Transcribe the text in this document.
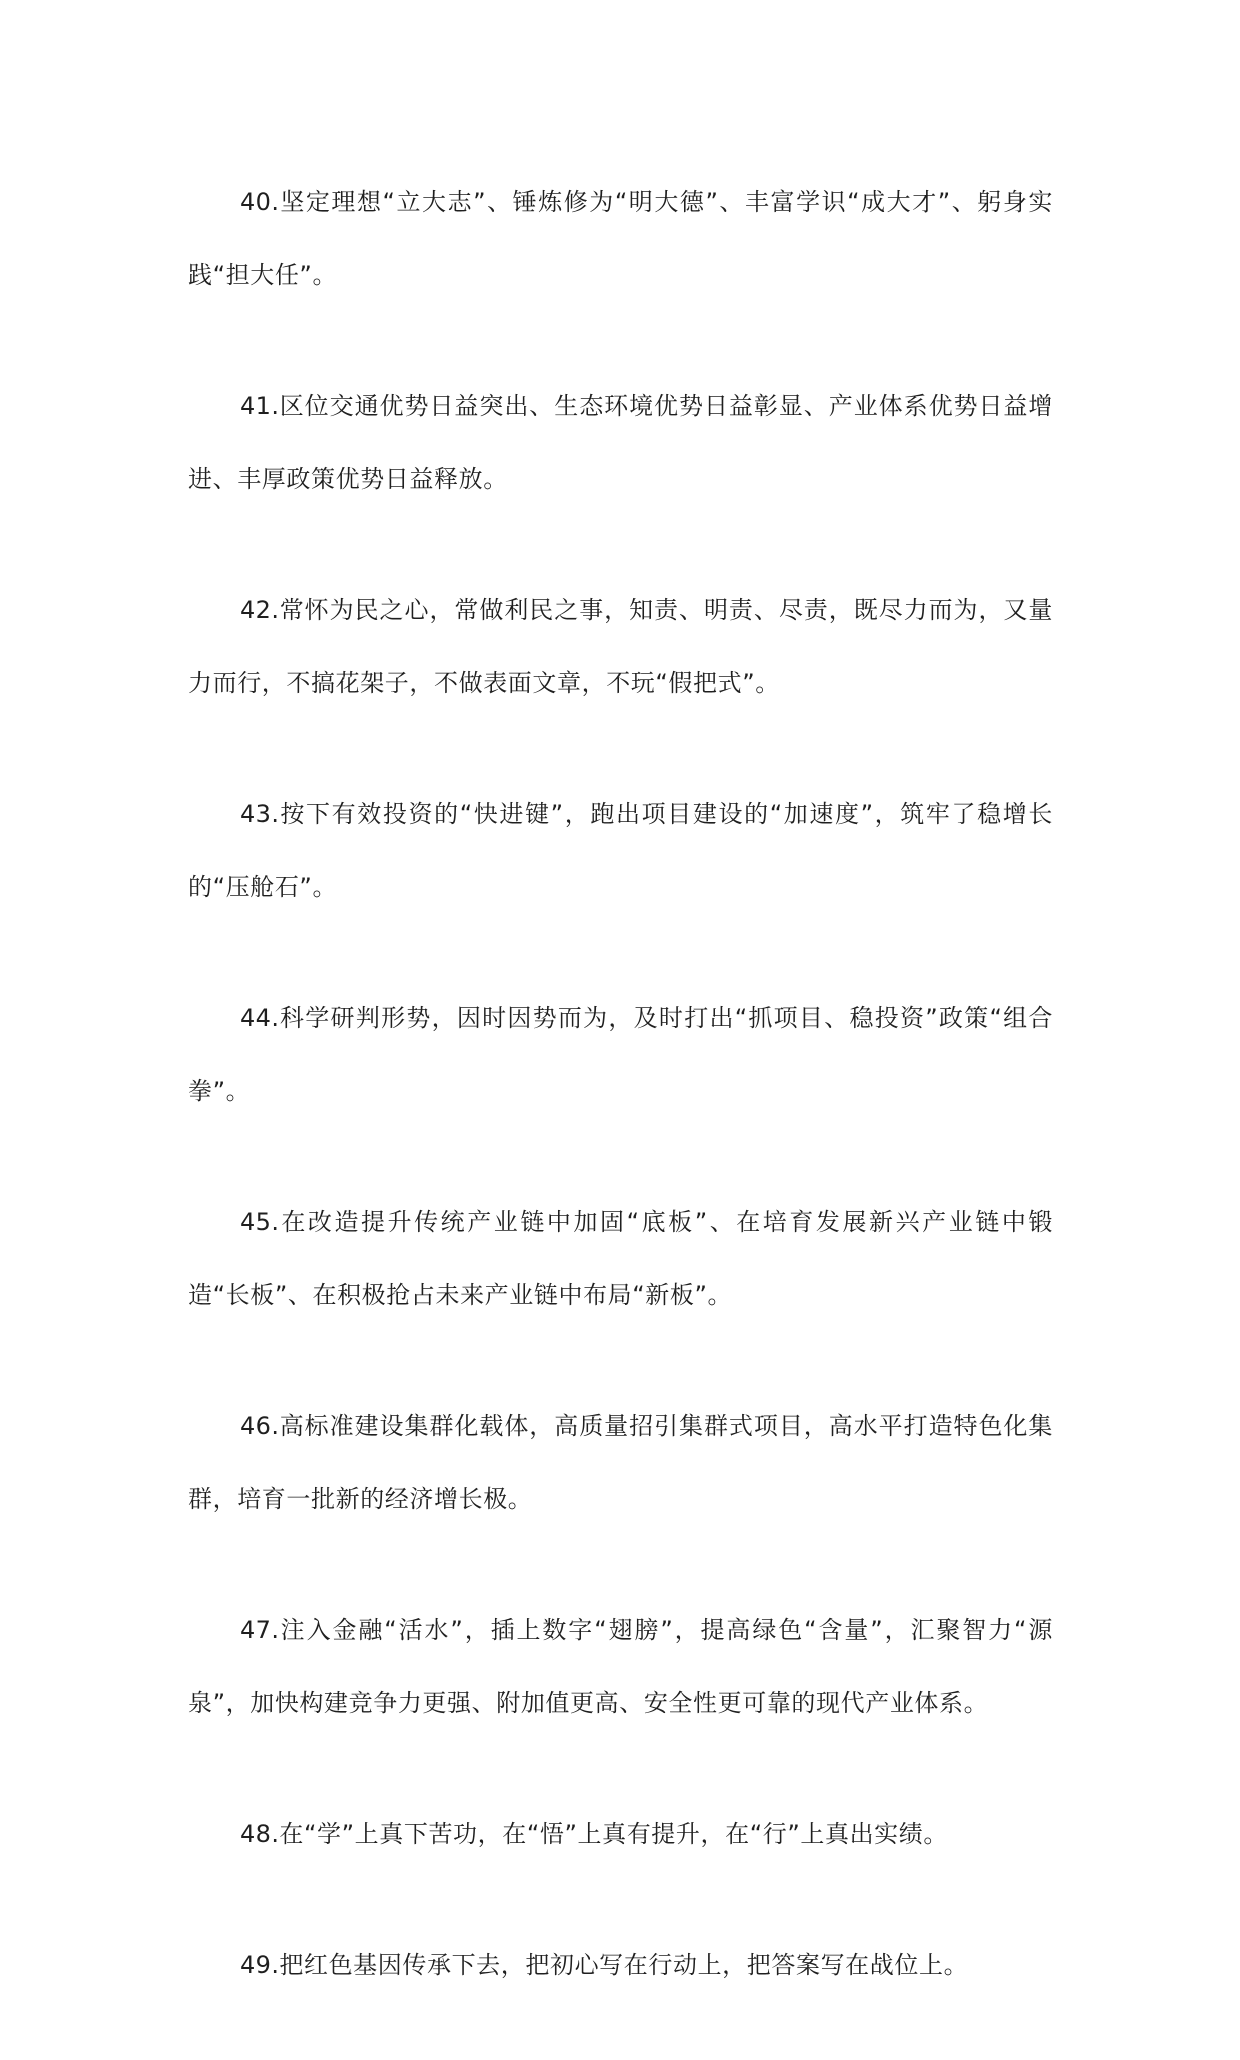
40.坚定理想“立大志”、锤炼修为“明大德”、丰富学识“成大才”、躬身实践“担大任”。

41.区位交通优势日益突出、生态环境优势日益彰显、产业体系优势日益增进、丰厚政策优势日益释放。

42.常怀为民之心，常做利民之事，知责、明责、尽责，既尽力而为，又量力而行，不搞花架子，不做表面文章，不玩“假把式”。

43.按下有效投资的“快进键”，跑出项目建设的“加速度”，筑牢了稳增长的“压舱石”。

44.科学研判形势，因时因势而为，及时打出“抓项目、稳投资”政策“组合拳”。

45.在改造提升传统产业链中加固“底板”、在培育发展新兴产业链中锻造“长板”、在积极抢占未来产业链中布局“新板”。

46.高标准建设集群化载体，高质量招引集群式项目，高水平打造特色化集群，培育一批新的经济增长极。

47.注入金融“活水”，插上数字“翅膀”，提高绿色“含量”，汇聚智力“源泉”，加快构建竞争力更强、附加值更高、安全性更可靠的现代产业体系。

48.在“学”上真下苦功，在“悟”上真有提升，在“行”上真出实绩。

49.把红色基因传承下去，把初心写在行动上，把答案写在战位上。
